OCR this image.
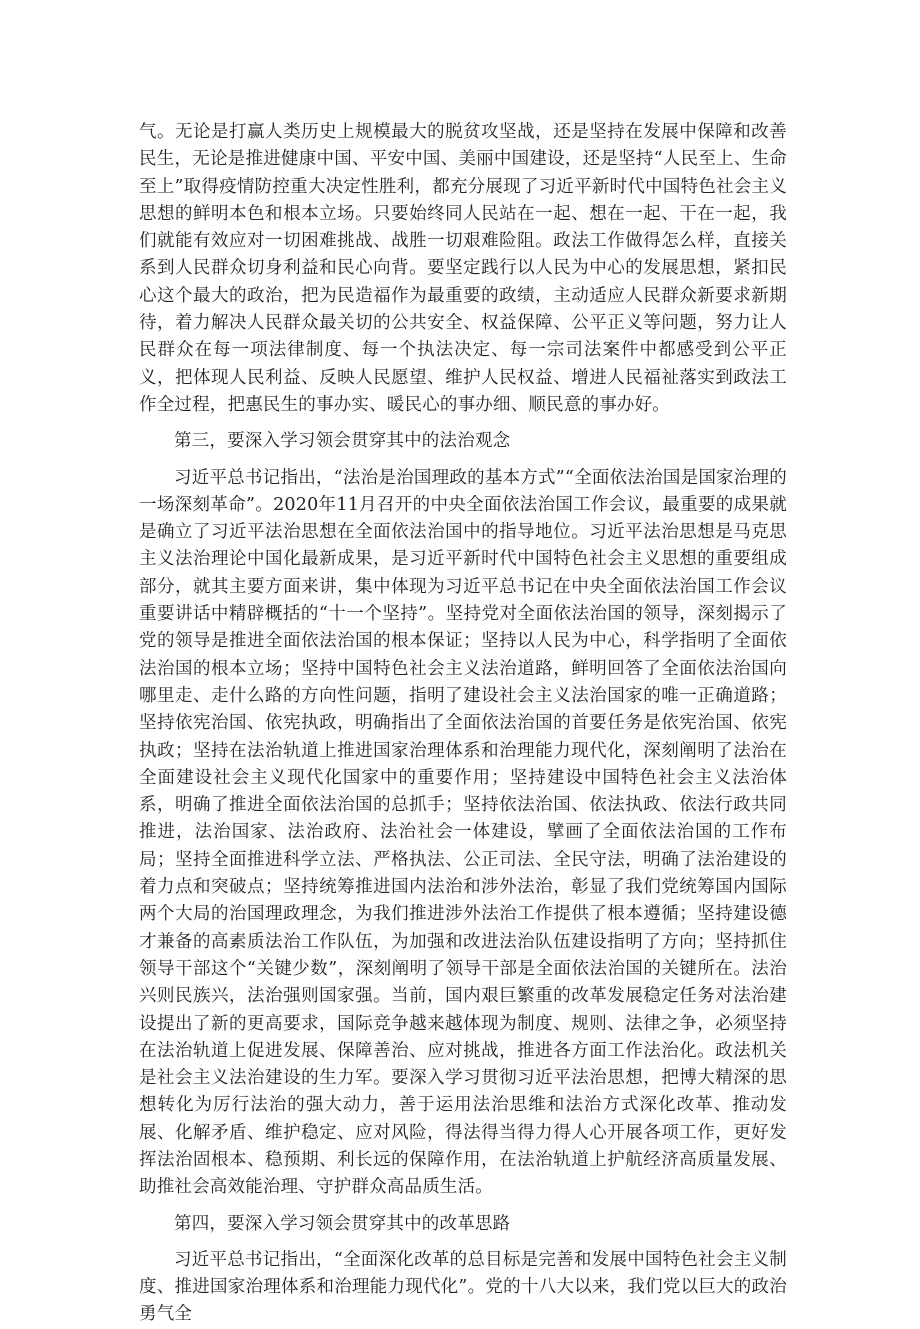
气。无论是打赢人类历史上规模最大的脱贫攻坚战，还是坚持在发展中保障和改善民生，无论是推进健康中国、平安中国、美丽中国建设，还是坚持“人民至上、生命至上”取得疫情防控重大决定性胜利，都充分展现了习近平新时代中国特色社会主义思想的鲜明本色和根本立场。只要始终同人民站在一起、想在一起、干在一起，我们就能有效应对一切困难挑战、战胜一切艰难险阻。政法工作做得怎么样，直接关系到人民群众切身利益和民心向背。要坚定践行以人民为中心的发展思想，紧扣民心这个最大的政治，把为民造福作为最重要的政绩，主动适应人民群众新要求新期待，着力解决人民群众最关切的公共安全、权益保障、公平正义等问题，努力让人民群众在每一项法律制度、每一个执法决定、每一宗司法案件中都感受到公平正义，把体现人民利益、反映人民愿望、维护人民权益、增进人民福祉落实到政法工作全过程，把惠民生的事办实、暖民心的事办细、顺民意的事办好。

第三，要深入学习领会贯穿其中的法治观念

习近平总书记指出，“法治是治国理政的基本方式”“全面依法治国是国家治理的一场深刻革命”。2020年11月召开的中央全面依法治国工作会议，最重要的成果就是确立了习近平法治思想在全面依法治国中的指导地位。习近平法治思想是马克思主义法治理论中国化最新成果，是习近平新时代中国特色社会主义思想的重要组成部分，就其主要方面来讲，集中体现为习近平总书记在中央全面依法治国工作会议重要讲话中精辟概括的“十一个坚持”。坚持党对全面依法治国的领导，深刻揭示了党的领导是推进全面依法治国的根本保证；坚持以人民为中心，科学指明了全面依法治国的根本立场；坚持中国特色社会主义法治道路，鲜明回答了全面依法治国向哪里走、走什么路的方向性问题，指明了建设社会主义法治国家的唯一正确道路；坚持依宪治国、依宪执政，明确指出了全面依法治国的首要任务是依宪治国、依宪执政；坚持在法治轨道上推进国家治理体系和治理能力现代化，深刻阐明了法治在全面建设社会主义现代化国家中的重要作用；坚持建设中国特色社会主义法治体系，明确了推进全面依法治国的总抓手；坚持依法治国、依法执政、依法行政共同推进，法治国家、法治政府、法治社会一体建设，擘画了全面依法治国的工作布局；坚持全面推进科学立法、严格执法、公正司法、全民守法，明确了法治建设的着力点和突破点；坚持统筹推进国内法治和涉外法治，彰显了我们党统筹国内国际两个大局的治国理政理念，为我们推进涉外法治工作提供了根本遵循；坚持建设德才兼备的高素质法治工作队伍，为加强和改进法治队伍建设指明了方向；坚持抓住领导干部这个“关键少数”，深刻阐明了领导干部是全面依法治国的关键所在。法治兴则民族兴，法治强则国家强。当前，国内艰巨繁重的改革发展稳定任务对法治建设提出了新的更高要求，国际竞争越来越体现为制度、规则、法律之争，必须坚持在法治轨道上促进发展、保障善治、应对挑战，推进各方面工作法治化。政法机关是社会主义法治建设的生力军。要深入学习贯彻习近平法治思想，把博大精深的思想转化为厉行法治的强大动力，善于运用法治思维和法治方式深化改革、推动发展、化解矛盾、维护稳定、应对风险，得法得当得力得人心开展各项工作，更好发挥法治固根本、稳预期、利长远的保障作用，在法治轨道上护航经济高质量发展、助推社会高效能治理、守护群众高品质生活。

第四，要深入学习领会贯穿其中的改革思路

习近平总书记指出，“全面深化改革的总目标是完善和发展中国特色社会主义制度、推进国家治理体系和治理能力现代化”。党的十八大以来，我们党以巨大的政治勇气全
